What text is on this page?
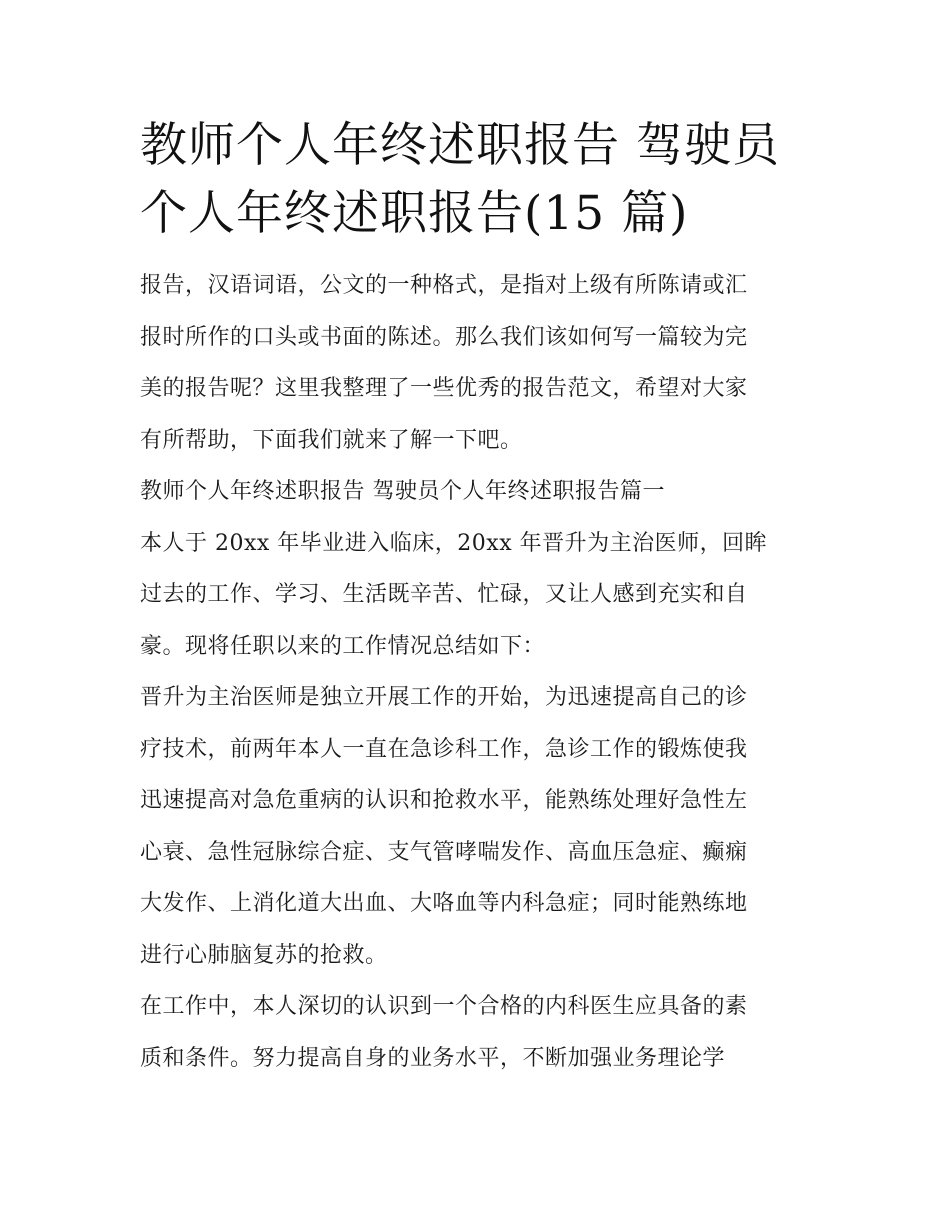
教师个人年终述职报告 驾驶员
个人年终述职报告(15 篇)

报告，汉语词语，公文的一种格式，是指对上级有所陈请或汇
报时所作的口头或书面的陈述。那么我们该如何写一篇较为完
美的报告呢？这里我整理了一些优秀的报告范文，希望对大家
有所帮助，下面我们就来了解一下吧。

教师个人年终述职报告 驾驶员个人年终述职报告篇一

本人于 20xx 年毕业进入临床，20xx 年晋升为主治医师，回眸
过去的工作、学习、生活既辛苦、忙碌，又让人感到充实和自
豪。现将任职以来的工作情况总结如下：

晋升为主治医师是独立开展工作的开始，为迅速提高自己的诊
疗技术，前两年本人一直在急诊科工作，急诊工作的锻炼使我
迅速提高对急危重病的认识和抢救水平，能熟练处理好急性左
心衰、急性冠脉综合症、支气管哮喘发作、高血压急症、癫痫
大发作、上消化道大出血、大咯血等内科急症；同时能熟练地
进行心肺脑复苏的抢救。

在工作中，本人深切的认识到一个合格的内科医生应具备的素
质和条件。努力提高自身的业务水平，不断加强业务理论学
